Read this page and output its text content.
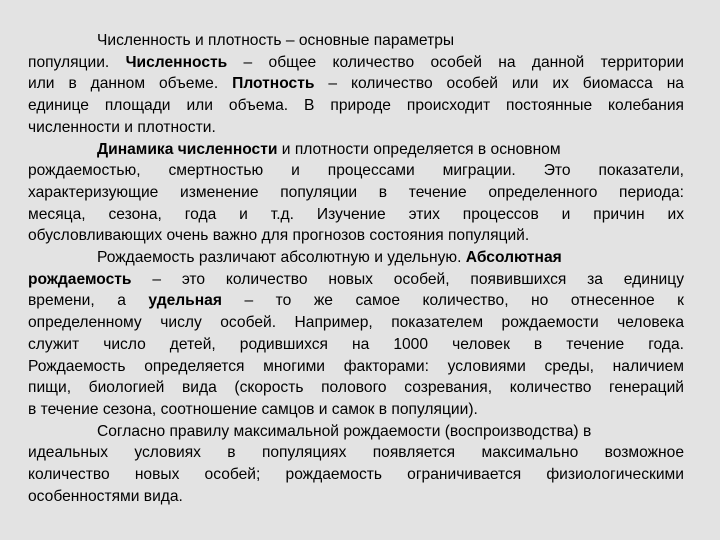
Численность и плотность – основные параметры
популяции. Численность – общее количество особей на данной территории
или в данном объеме. Плотность – количество особей или их биомасса на
единице площади или объема. В природе происходит постоянные колебания
численности и плотности.

Динамика численности и плотности определяется в основном
рождаемостью, смертностью и процессами миграции. Это показатели,
характеризующие изменение популяции в течение определенного периода:
месяца, сезона, года и т.д. Изучение этих процессов и причин их
обусловливающих очень важно для прогнозов состояния популяций.

Рождаемость различают абсолютную и удельную. Абсолютная
рождаемость – это количество новых особей, появившихся за единицу
времени, а удельная – то же самое количество, но отнесенное к
определенному числу особей. Например, показателем рождаемости человека
служит число детей, родившихся на 1000 человек в течение года.
Рождаемость определяется многими факторами: условиями среды, наличием
пищи, биологией вида (скорость полового созревания, количество генераций
в течение сезона, соотношение самцов и самок в популяции).

Согласно правилу максимальной рождаемости (воспроизводства) в
идеальных условиях в популяциях появляется максимально возможное
количество новых особей; рождаемость ограничивается физиологическими
особенностями вида.
